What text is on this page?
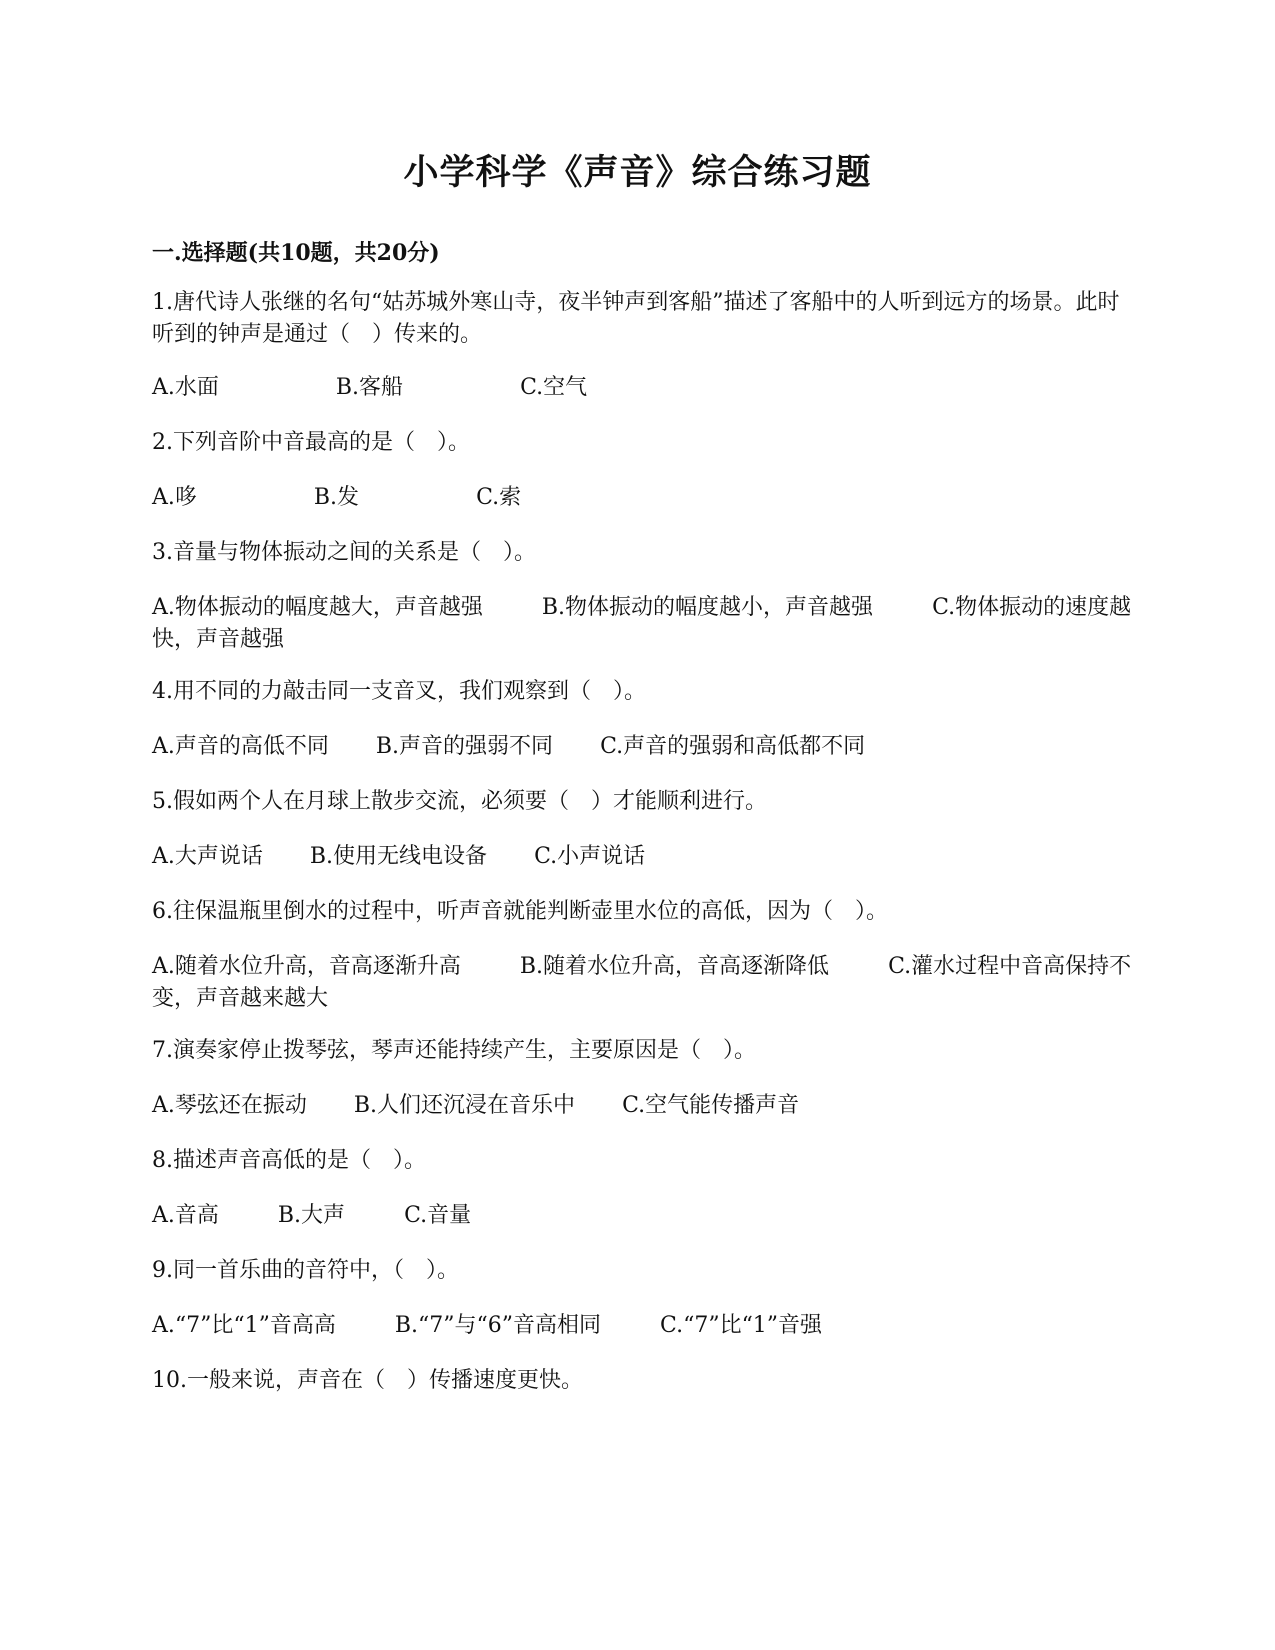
小学科学《声音》综合练习题
一.选择题(共10题，共20分)
1.唐代诗人张继的名句“姑苏城外寒山寺，夜半钟声到客船”描述了客船中的人听到远方的场景。此时听到的钟声是通过（　）传来的。
A.水面	B.客船	C.空气
2.下列音阶中音最高的是（　）。
A.哆	B.发	C.索
3.音量与物体振动之间的关系是（　）。
A.物体振动的幅度越大，声音越强	B.物体振动的幅度越小，声音越强	C.物体振动的速度越快，声音越强
4.用不同的力敲击同一支音叉，我们观察到（　）。
A.声音的高低不同 B.声音的强弱不同 C.声音的强弱和高低都不同
5.假如两个人在月球上散步交流，必须要（　）才能顺利进行。
A.大声说话 B.使用无线电设备 C.小声说话
6.往保温瓶里倒水的过程中，听声音就能判断壶里水位的高低，因为（　）。
A.随着水位升高，音高逐渐升高	B.随着水位升高，音高逐渐降低	C.灌水过程中音高保持不变，声音越来越大
7.演奏家停止拨琴弦，琴声还能持续产生，主要原因是（　）。
A.琴弦还在振动 B.人们还沉浸在音乐中 C.空气能传播声音
8.描述声音高低的是（　）。
A.音高	B.大声	C.音量
9.同一首乐曲的音符中，（　）。
A.“7”比“1”音高高	B.“7”与“6”音高相同	C.“7”比“1”音强
10.一般来说，声音在（　）传播速度更快。
